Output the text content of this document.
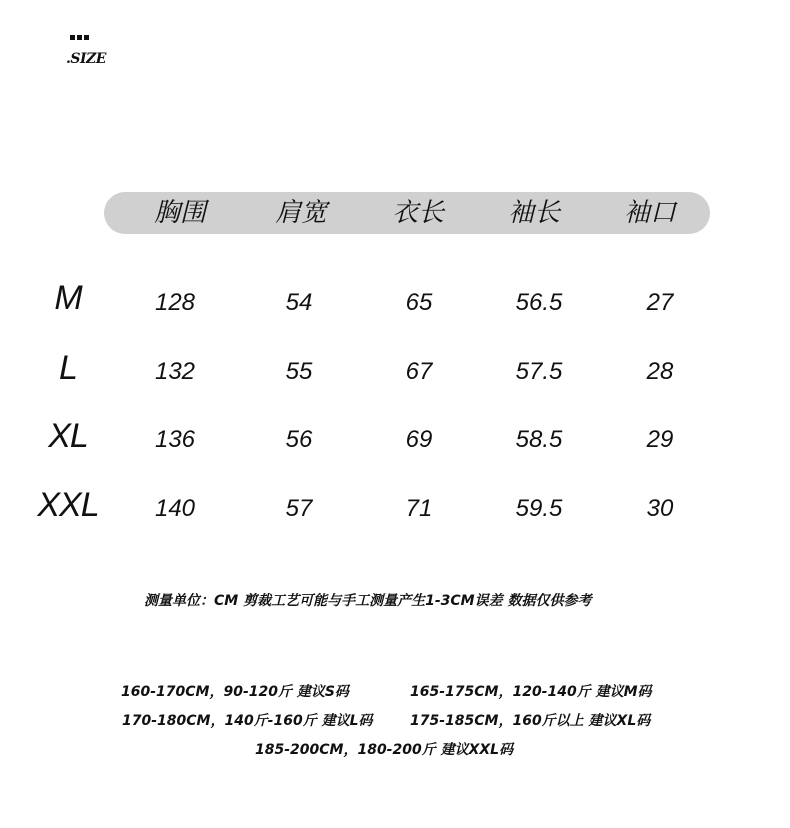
.SIZE
胸围	肩宽 衣长 袖长 袖口
M	128	54	65	56.5	27
L	132	55	67	57.5	28
XL	136	56	69	58.5	29
XXL 140	57	71	59.5	30
测量单位：CM 剪裁工艺可能与手工测量产生1-3CM误差 数据仅供参考
160-170CM，90-120斤 建议S码	165-175CM，120-140斤 建议M码
170-180CM，140斤-160斤 建议L码	175-185CM，160斤以上 建议XL码
185-200CM，180-200斤 建议XXL码
